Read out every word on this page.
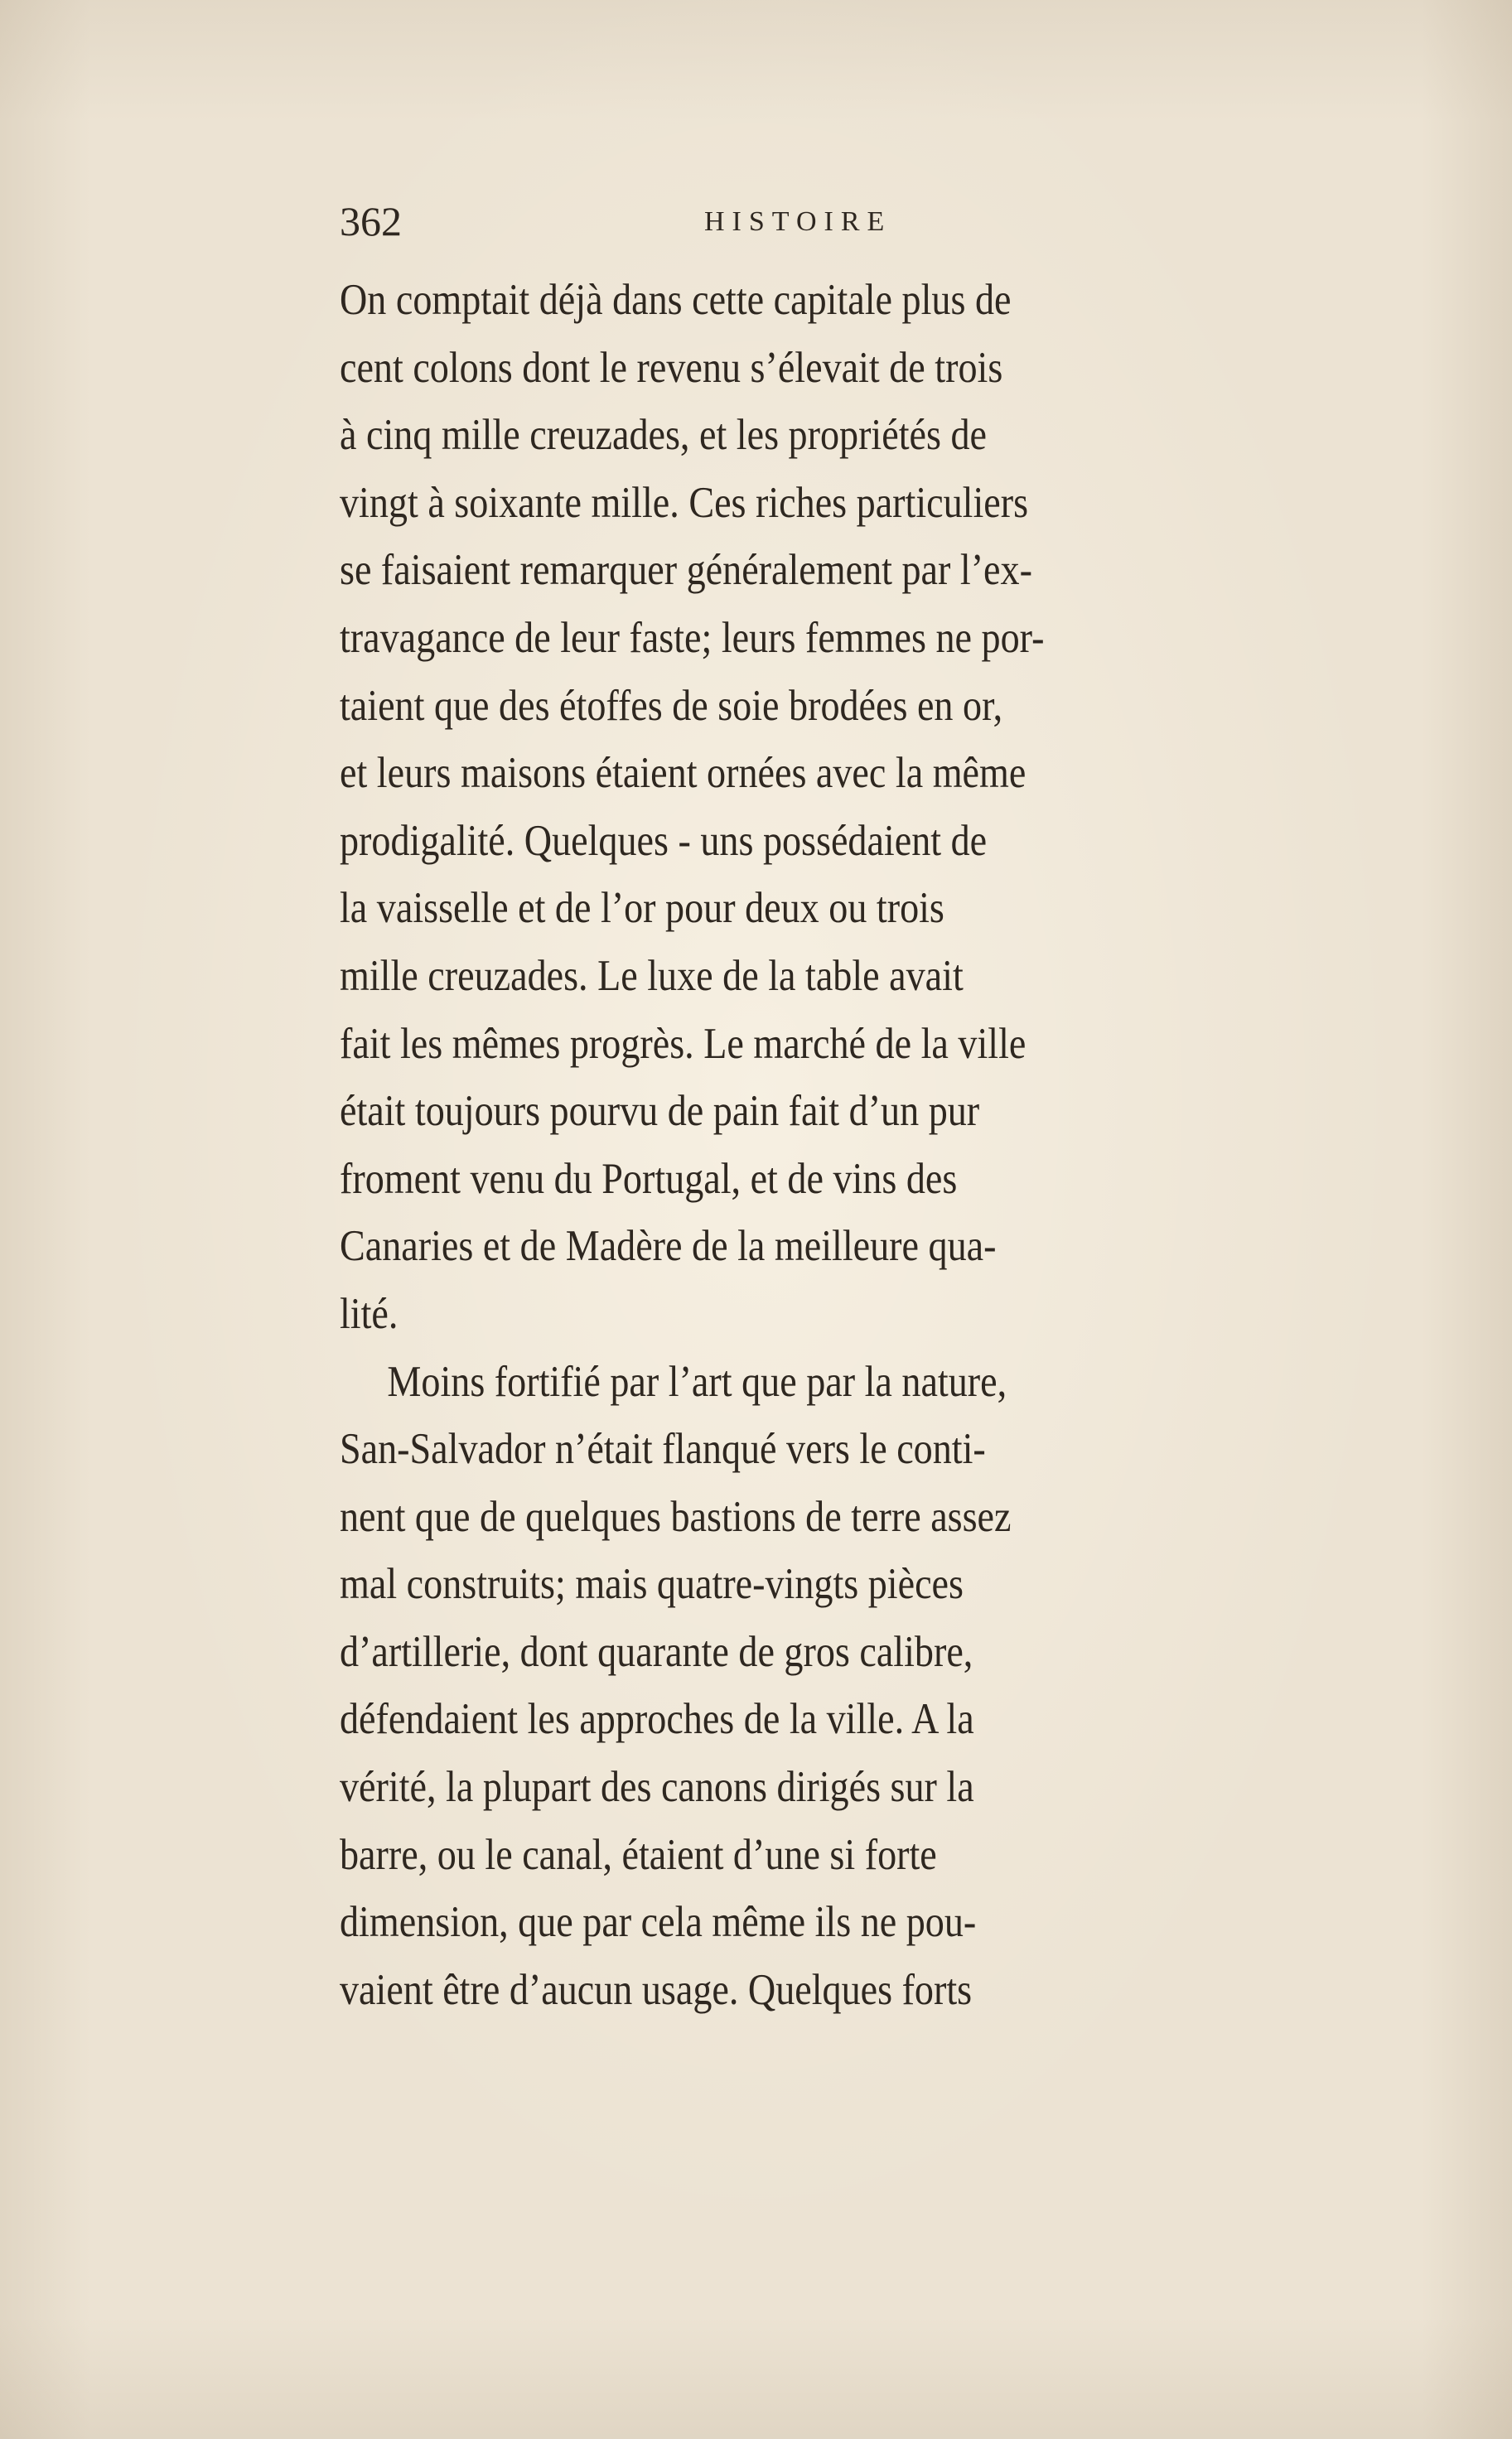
362	HISTOIRE
On comptait déjà dans cette capitale plus de
cent colons dont le revenu s’élevait de trois
à cinq mille creuzades, et les propriétés de
vingt à soixante mille. Ces riches particuliers
se faisaient remarquer généralement par l’ex-
travagance de leur faste; leurs femmes ne por-
taient que des étoffes de soie brodées en or,
et leurs maisons étaient ornées avec la même
prodigalité. Quelques - uns possédaient de
la vaisselle et de l’or pour deux ou trois
mille creuzades. Le luxe de la table avait
fait les mêmes progrès. Le marché de la ville
était toujours pourvu de pain fait d’un pur
froment venu du Portugal, et de vins des
Canaries et de Madère de la meilleure qua-
lité.
Moins fortifié par l’art que par la nature,
San-Salvador n’était flanqué vers le conti-
nent que de quelques bastions de terre assez
mal construits; mais quatre-vingts pièces
d’artillerie, dont quarante de gros calibre,
défendaient les approches de la ville. A la
vérité, la plupart des canons dirigés sur la
barre, ou le canal, étaient d’une si forte
dimension, que par cela même ils ne pou-
vaient être d’aucun usage. Quelques forts
